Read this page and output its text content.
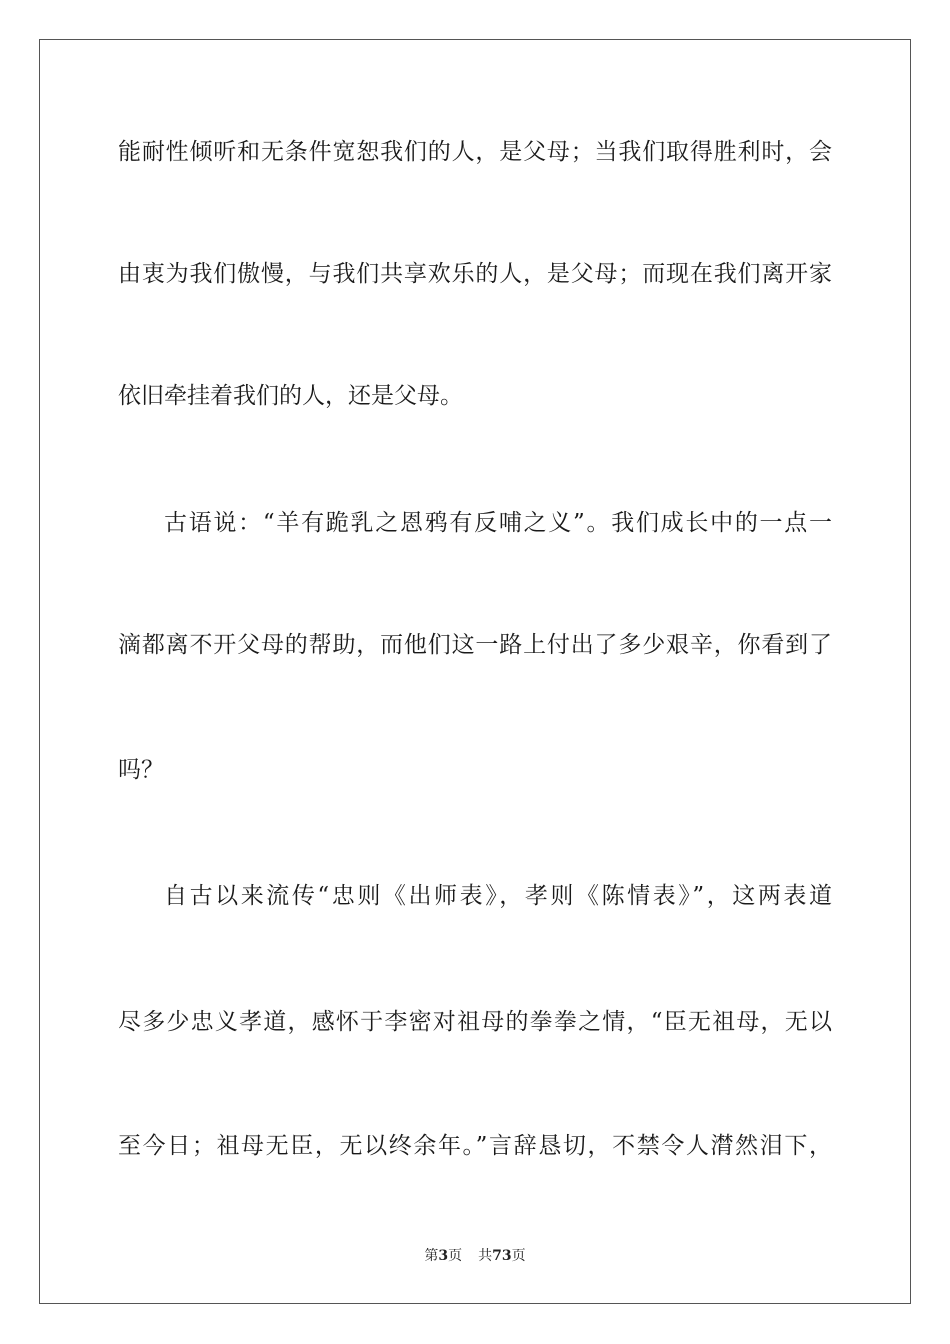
能耐性倾听和无条件宽恕我们的人，是父母；当我们取得胜利时，会
由衷为我们傲慢，与我们共享欢乐的人，是父母；而现在我们离开家
依旧牵挂着我们的人，还是父母。
古语说：“羊有跪乳之恩鸦有反哺之义”。我们成长中的一点一
滴都离不开父母的帮助，而他们这一路上付出了多少艰辛，你看到了
吗？
自古以来流传“忠则《出师表》，孝则《陈情表》”，这两表道
尽多少忠义孝道，感怀于李密对祖母的拳拳之情，“臣无祖母，无以
至今日；祖母无臣，无以终余年。”言辞恳切，不禁令人潸然泪下，
第3页 共73页
